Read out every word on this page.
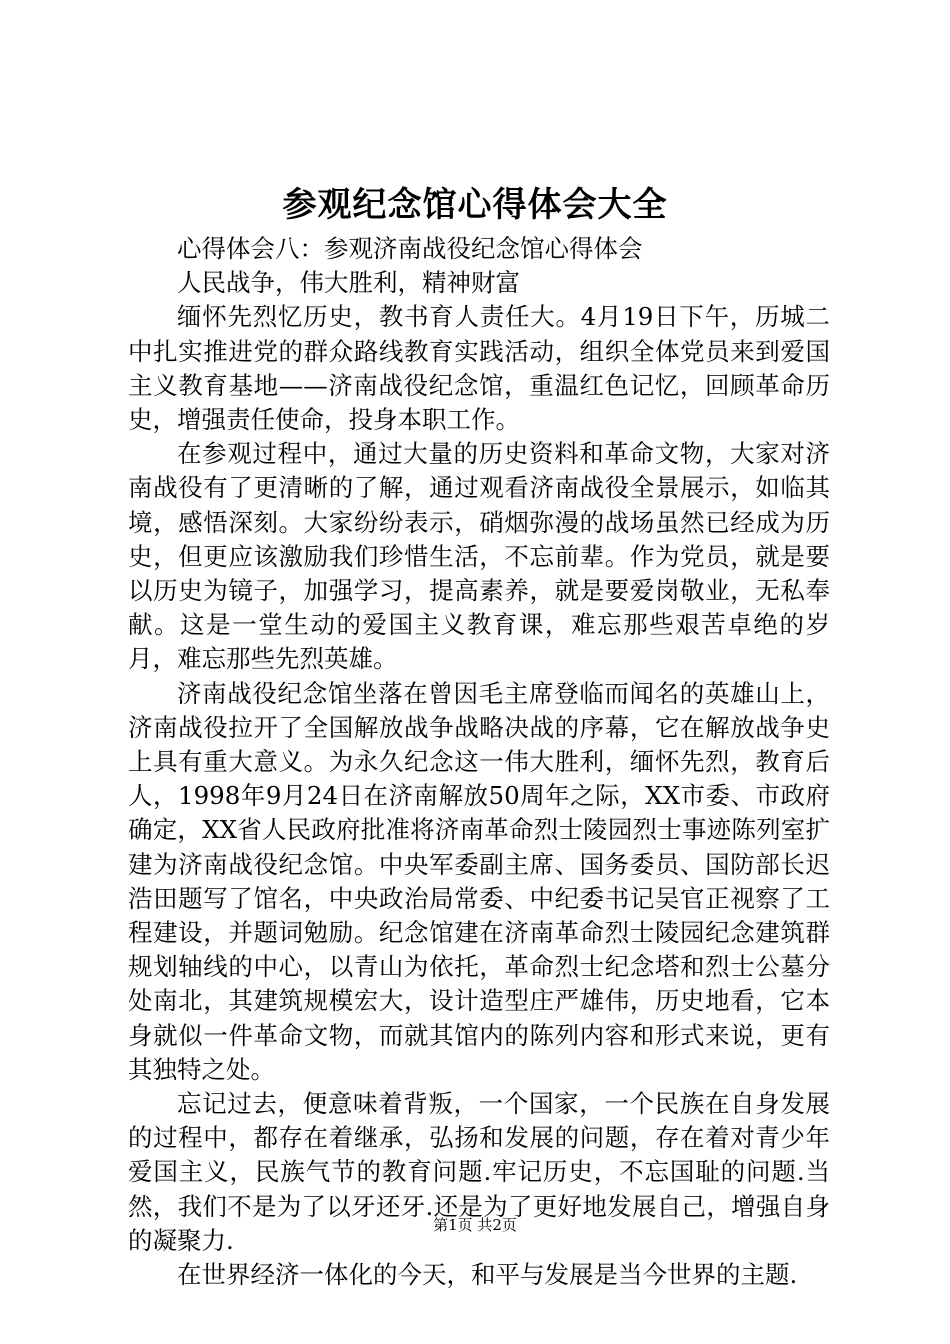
参观纪念馆心得体会大全

心得体会八：参观济南战役纪念馆心得体会

人民战争，伟大胜利，精神财富

缅怀先烈忆历史，教书育人责任大。4月19日下午，历城二中扎实推进党的群众路线教育实践活动，组织全体党员来到爱国主义教育基地——济南战役纪念馆，重温红色记忆，回顾革命历史，增强责任使命，投身本职工作。

在参观过程中，通过大量的历史资料和革命文物，大家对济南战役有了更清晰的了解，通过观看济南战役全景展示，如临其境，感悟深刻。大家纷纷表示，硝烟弥漫的战场虽然已经成为历史，但更应该激励我们珍惜生活，不忘前辈。作为党员，就是要以历史为镜子，加强学习，提高素养，就是要爱岗敬业，无私奉献。这是一堂生动的爱国主义教育课，难忘那些艰苦卓绝的岁月，难忘那些先烈英雄。

济南战役纪念馆坐落在曾因毛主席登临而闻名的英雄山上，济南战役拉开了全国解放战争战略决战的序幕，它在解放战争史上具有重大意义。为永久纪念这一伟大胜利，缅怀先烈，教育后人，1998年9月24日在济南解放50周年之际，XX市委、市政府确定，XX省人民政府批准将济南革命烈士陵园烈士事迹陈列室扩建为济南战役纪念馆。中央军委副主席、国务委员、国防部长迟浩田题写了馆名，中央政治局常委、中纪委书记吴官正视察了工程建设，并题词勉励。纪念馆建在济南革命烈士陵园纪念建筑群规划轴线的中心，以青山为依托，革命烈士纪念塔和烈士公墓分处南北，其建筑规模宏大，设计造型庄严雄伟，历史地看，它本身就似一件革命文物，而就其馆内的陈列内容和形式来说，更有其独特之处。

忘记过去，便意味着背叛，一个国家，一个民族在自身发展的过程中，都存在着继承，弘扬和发展的问题，存在着对青少年爱国主义，民族气节的教育问题.牢记历史，不忘国耻的问题.当然，我们不是为了以牙还牙.还是为了更好地发展自己，增强自身的凝聚力.

在世界经济一体化的今天，和平与发展是当今世界的主题.

第1页 共2页
